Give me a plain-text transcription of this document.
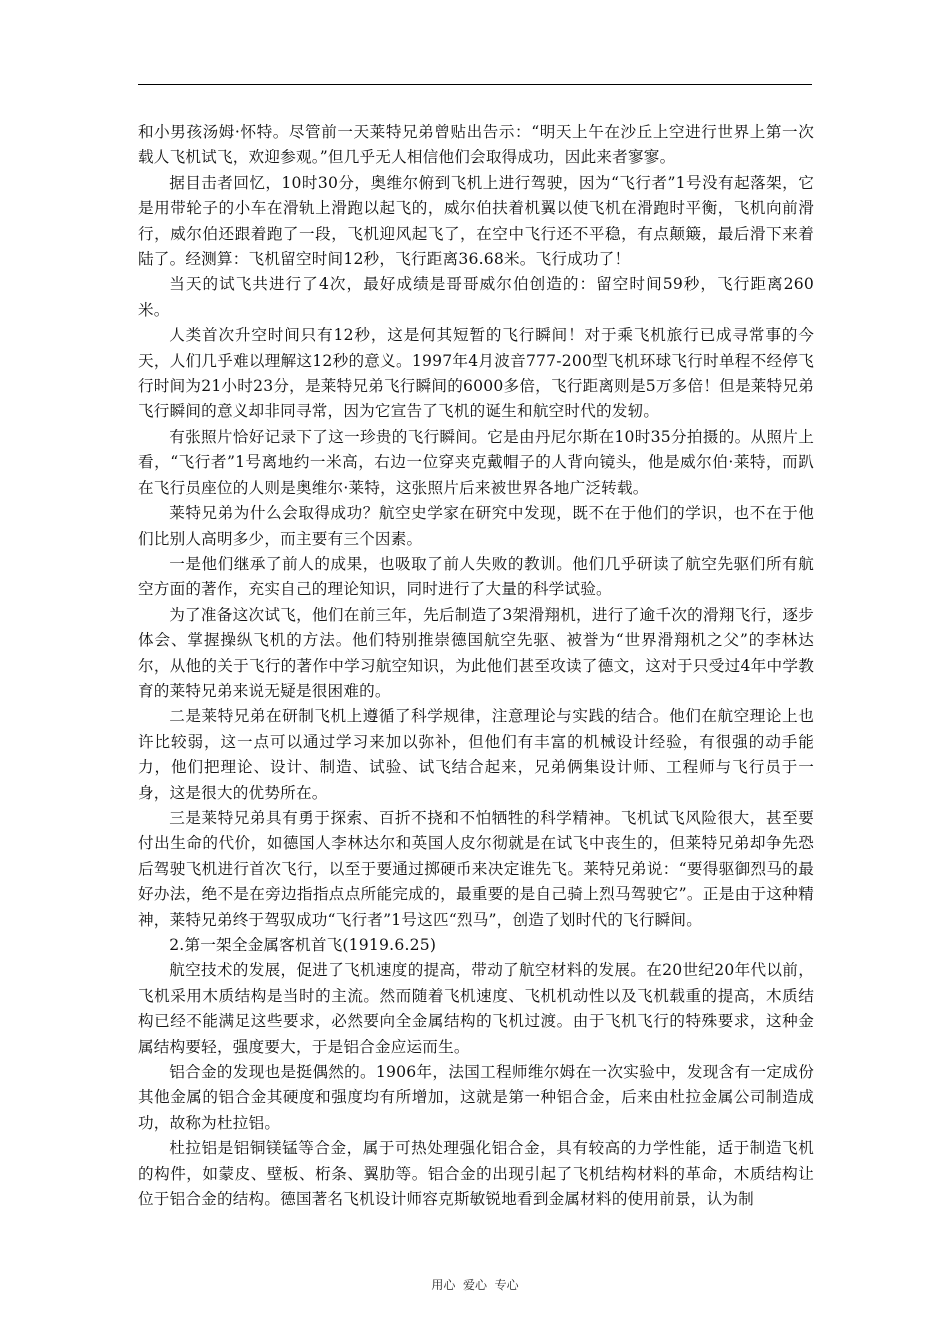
和小男孩汤姆·怀特。尽管前一天莱特兄弟曾贴出告示：“明天上午在沙丘上空进行世界上第一次载人飞机试飞，欢迎参观。”但几乎无人相信他们会取得成功，因此来者寥寥。

据目击者回忆，10时30分，奥维尔俯到飞机上进行驾驶，因为“飞行者”1号没有起落架，它是用带轮子的小车在滑轨上滑跑以起飞的，威尔伯扶着机翼以使飞机在滑跑时平衡，飞机向前滑行，威尔伯还跟着跑了一段，飞机迎风起飞了，在空中飞行还不平稳，有点颠簸，最后滑下来着陆了。经测算：飞机留空时间12秒，飞行距离36.68米。飞行成功了！

当天的试飞共进行了4次，最好成绩是哥哥威尔伯创造的：留空时间59秒，飞行距离260米。

人类首次升空时间只有12秒，这是何其短暂的飞行瞬间！对于乘飞机旅行已成寻常事的今天，人们几乎难以理解这12秒的意义。1997年4月波音777-200型飞机环球飞行时单程不经停飞行时间为21小时23分，是莱特兄弟飞行瞬间的6000多倍，飞行距离则是5万多倍！但是莱特兄弟飞行瞬间的意义却非同寻常，因为它宣告了飞机的诞生和航空时代的发轫。

有张照片恰好记录下了这一珍贵的飞行瞬间。它是由丹尼尔斯在10时35分拍摄的。从照片上看，“飞行者”1号离地约一米高，右边一位穿夹克戴帽子的人背向镜头，他是威尔伯·莱特，而趴在飞行员座位的人则是奥维尔·莱特，这张照片后来被世界各地广泛转载。

莱特兄弟为什么会取得成功？航空史学家在研究中发现，既不在于他们的学识，也不在于他们比别人高明多少，而主要有三个因素。

一是他们继承了前人的成果，也吸取了前人失败的教训。他们几乎研读了航空先驱们所有航空方面的著作，充实自己的理论知识，同时进行了大量的科学试验。

为了准备这次试飞，他们在前三年，先后制造了3架滑翔机，进行了逾千次的滑翔飞行，逐步体会、掌握操纵飞机的方法。他们特别推崇德国航空先驱、被誉为“世界滑翔机之父”的李林达尔，从他的关于飞行的著作中学习航空知识，为此他们甚至攻读了德文，这对于只受过4年中学教育的莱特兄弟来说无疑是很困难的。

二是莱特兄弟在研制飞机上遵循了科学规律，注意理论与实践的结合。他们在航空理论上也许比较弱，这一点可以通过学习来加以弥补，但他们有丰富的机械设计经验，有很强的动手能力，他们把理论、设计、制造、试验、试飞结合起来，兄弟俩集设计师、工程师与飞行员于一身，这是很大的优势所在。

三是莱特兄弟具有勇于探索、百折不挠和不怕牺牲的科学精神。飞机试飞风险很大，甚至要付出生命的代价，如德国人李林达尔和英国人皮尔彻就是在试飞中丧生的，但莱特兄弟却争先恐后驾驶飞机进行首次飞行，以至于要通过掷硬币来决定谁先飞。莱特兄弟说：“要得驱御烈马的最好办法，绝不是在旁边指指点点所能完成的，最重要的是自己骑上烈马驾驶它”。正是由于这种精神，莱特兄弟终于驾驭成功“飞行者”1号这匹“烈马”，创造了划时代的飞行瞬间。

2.第一架全金属客机首飞(1919.6.25)

航空技术的发展，促进了飞机速度的提高，带动了航空材料的发展。在20世纪20年代以前，飞机采用木质结构是当时的主流。然而随着飞机速度、飞机机动性以及飞机载重的提高，木质结构已经不能满足这些要求，必然要向全金属结构的飞机过渡。由于飞机飞行的特殊要求，这种金属结构要轻，强度要大，于是铝合金应运而生。

铝合金的发现也是挺偶然的。1906年，法国工程师维尔姆在一次实验中，发现含有一定成份其他金属的铝合金其硬度和强度均有所增加，这就是第一种铝合金，后来由杜拉金属公司制造成功，故称为杜拉铝。

杜拉铝是铝铜镁锰等合金，属于可热处理强化铝合金，具有较高的力学性能，适于制造飞机的构件，如蒙皮、壁板、桁条、翼肋等。铝合金的出现引起了飞机结构材料的革命，木质结构让位于铝合金的结构。德国著名飞机设计师容克斯敏锐地看到金属材料的使用前景，认为制

用心  爱心  专心
